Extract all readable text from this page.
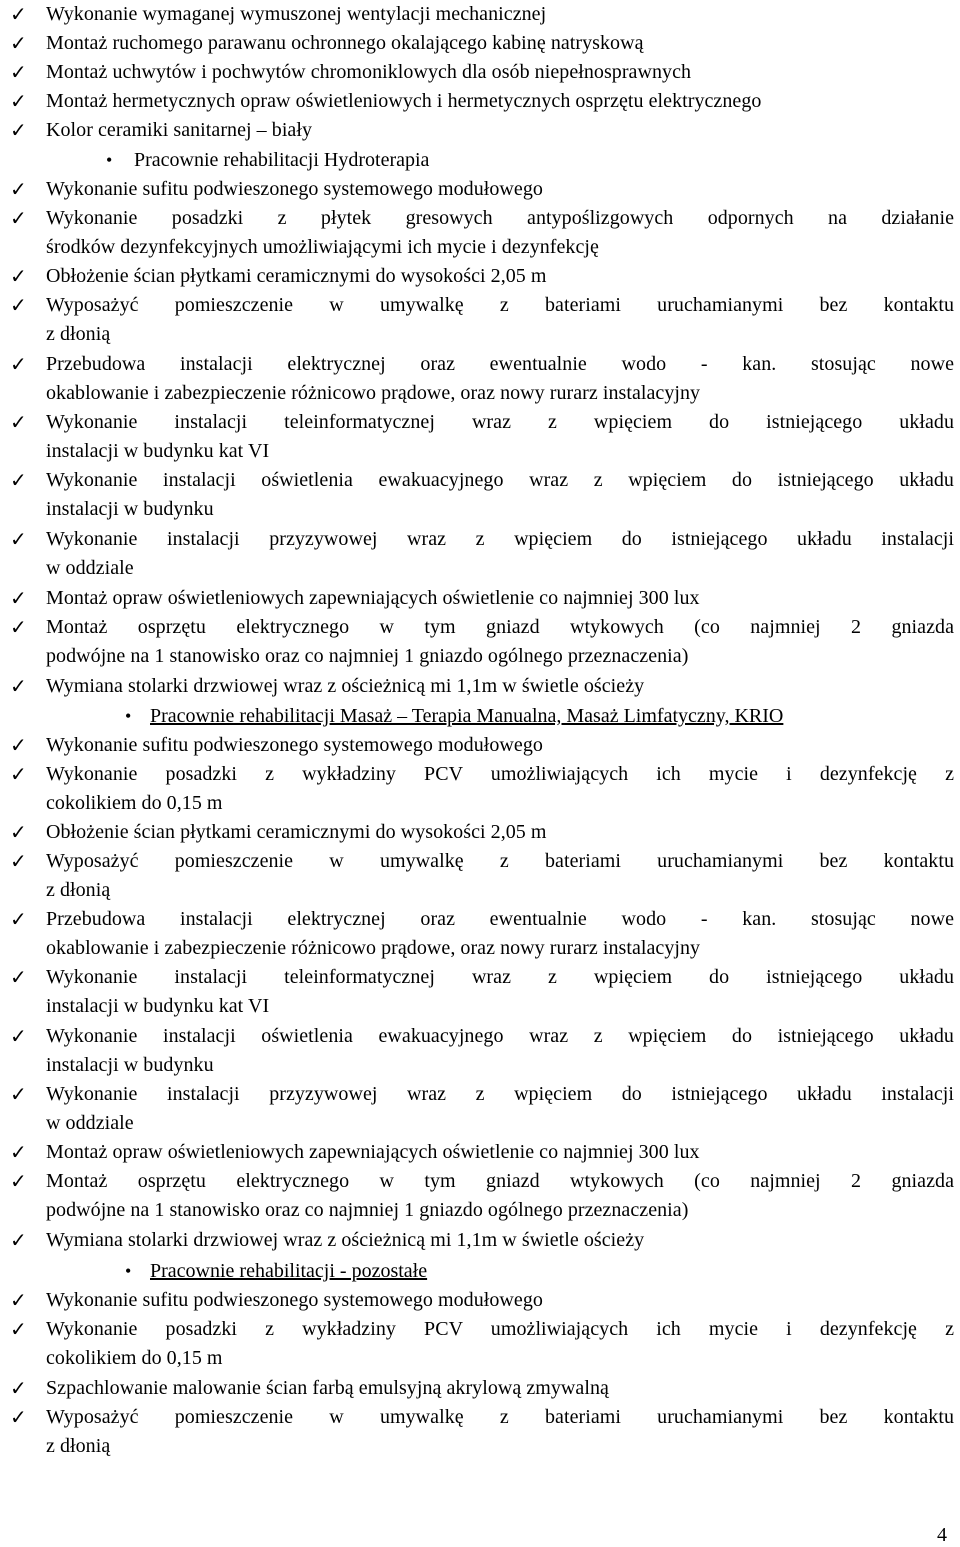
✓ Wykonanie wymaganej wymuszonej wentylacji mechanicznej
✓ Montaż ruchomego parawanu ochronnego okalającego kabinę natryskową
✓ Montaż uchwytów i pochwytów chromoniklowych dla osób niepełnosprawnych
✓ Montaż hermetycznych opraw oświetleniowych i hermetycznych osprzętu elektrycznego
✓ Kolor ceramiki sanitarnej – biały
• Pracownie rehabilitacji Hydroterapia
✓ Wykonanie sufitu podwieszonego systemowego modułowego
✓ Wykonanie posadzki z płytek gresowych antypoślizgowych odpornych na działanie
środków dezynfekcyjnych umożliwiającymi ich mycie i dezynfekcję
✓ Obłożenie ścian płytkami ceramicznymi do wysokości 2,05 m
✓ Wyposażyć pomieszczenie w umywalkę z bateriami uruchamianymi bez kontaktu
z dłonią
✓ Przebudowa instalacji elektrycznej oraz ewentualnie wodo - kan. stosując nowe
okablowanie i zabezpieczenie różnicowo prądowe, oraz nowy rurarz instalacyjny
✓ Wykonanie instalacji teleinformatycznej wraz z wpięciem do istniejącego układu
instalacji w budynku kat VI
✓ Wykonanie instalacji oświetlenia ewakuacyjnego wraz z wpięciem do istniejącego układu
instalacji w budynku
✓ Wykonanie instalacji przyzywowej wraz z wpięciem do istniejącego układu instalacji
w oddziale
✓ Montaż opraw oświetleniowych zapewniających oświetlenie co najmniej 300 lux
✓ Montaż osprzętu elektrycznego w tym gniazd wtykowych (co najmniej 2 gniazda
podwójne na 1 stanowisko oraz co najmniej 1 gniazdo ogólnego przeznaczenia)
✓ Wymiana stolarki drzwiowej wraz z ościeżnicą mi 1,1m w świetle ościeży
• Pracownie rehabilitacji Masaż – Terapia Manualna, Masaż Limfatyczny, KRIO
✓ Wykonanie sufitu podwieszonego systemowego modułowego
✓ Wykonanie posadzki z wykładziny PCV umożliwiających ich mycie i dezynfekcję z
cokolikiem do 0,15 m
✓ Obłożenie ścian płytkami ceramicznymi do wysokości 2,05 m
✓ Wyposażyć pomieszczenie w umywalkę z bateriami uruchamianymi bez kontaktu
z dłonią
✓ Przebudowa instalacji elektrycznej oraz ewentualnie wodo - kan. stosując nowe
okablowanie i zabezpieczenie różnicowo prądowe, oraz nowy rurarz instalacyjny
✓ Wykonanie instalacji teleinformatycznej wraz z wpięciem do istniejącego układu
instalacji w budynku kat VI
✓ Wykonanie instalacji oświetlenia ewakuacyjnego wraz z wpięciem do istniejącego układu
instalacji w budynku
✓ Wykonanie instalacji przyzywowej wraz z wpięciem do istniejącego układu instalacji
w oddziale
✓ Montaż opraw oświetleniowych zapewniających oświetlenie co najmniej 300 lux
✓ Montaż osprzętu elektrycznego w tym gniazd wtykowych (co najmniej 2 gniazda
podwójne na 1 stanowisko oraz co najmniej 1 gniazdo ogólnego przeznaczenia)
✓ Wymiana stolarki drzwiowej wraz z ościeżnicą mi 1,1m w świetle ościeży
• Pracownie rehabilitacji - pozostałe
✓ Wykonanie sufitu podwieszonego systemowego modułowego
✓ Wykonanie posadzki z wykładziny PCV umożliwiających ich mycie i dezynfekcję z
cokolikiem do 0,15 m
✓ Szpachlowanie malowanie ścian farbą emulsyjną akrylową zmywalną
✓ Wyposażyć pomieszczenie w umywalkę z bateriami uruchamianymi bez kontaktu
z dłonią
4
